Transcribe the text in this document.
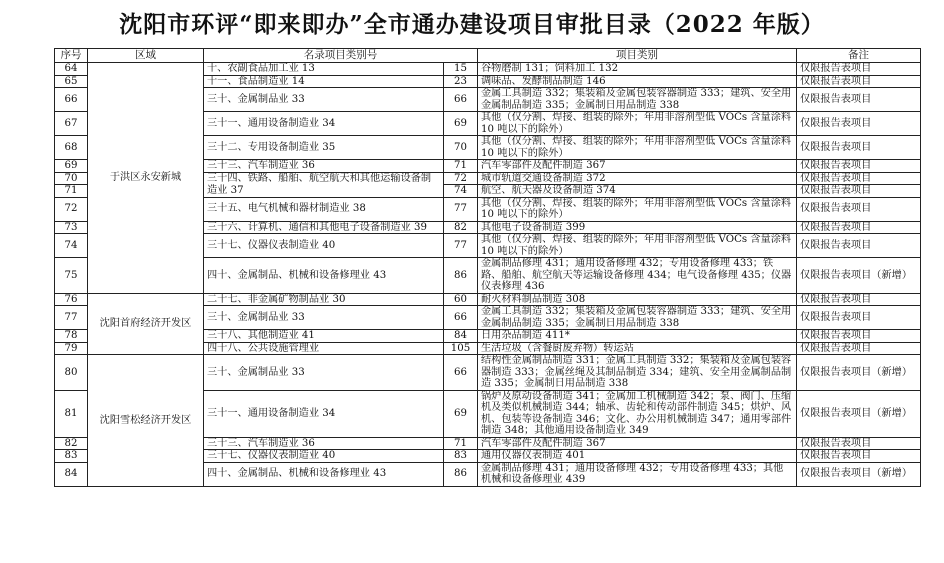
沈阳市环评“即来即办”全市通办建设项目审批目录（2022 年版）
序号	区域	名录项目类别号		项目类别	备注
64	于洪区永安新城	十、农副食品加工业 13	15	谷物磨制 131；饲料加工 132	仅限报告表项目
65		十一、食品制造业 14	23	调味品、发酵制品制造 146	仅限报告表项目
66		三十、金属制品业 33	66	金属工具制造 332；集装箱及金属包装容器制造 333；建筑、安全用金属制品制造 335；金属制日用品制造 338	仅限报告表项目
67		三十一、通用设备制造业 34	69	其他（仅分割、焊接、组装的除外；年用非溶剂型低 VOCs 含量涂料 10 吨以下的除外）	仅限报告表项目
68		三十二、专用设备制造业 35	70	其他（仅分割、焊接、组装的除外；年用非溶剂型低 VOCs 含量涂料 10 吨以下的除外）	仅限报告表项目
69		三十三、汽车制造业 36	71	汽车零部件及配件制造 367	仅限报告表项目
70		三十四、铁路、船舶、航空航天和其他运输设备制造业 37	72	城市轨道交通设备制造 372	仅限报告表项目
71			74	航空、航天器及设备制造 374	仅限报告表项目
72		三十五、电气机械和器材制造业 38	77	其他（仅分割、焊接、组装的除外；年用非溶剂型低 VOCs 含量涂料 10 吨以下的除外）	仅限报告表项目
73		三十六、计算机、通信和其他电子设备制造业 39	82	其他电子设备制造 399	仅限报告表项目
74		三十七、仪器仪表制造业 40	77	其他（仅分割、焊接、组装的除外；年用非溶剂型低 VOCs 含量涂料 10 吨以下的除外）	仅限报告表项目
75		四十、金属制品、机械和设备修理业 43	86	金属制品修理 431；通用设备修理 432；专用设备修理 433；铁路、船舶、航空航天等运输设备修理 434；电气设备修理 435；仪器仪表修理 436	仅限报告表项目（新增）
76	沈阳首府经济开发区	二十七、非金属矿物制品业 30	60	耐火材料制品制造 308	仅限报告表项目
77		三十、金属制品业 33	66	金属工具制造 332；集装箱及金属包装容器制造 333；建筑、安全用金属制品制造 335；金属制日用品制造 338	仅限报告表项目
78		三十八、其他制造业 41	84	日用杂品制造 411*	仅限报告表项目
79		四十八、公共设施管理业	105	生活垃圾（含餐厨废弃物）转运站	仅限报告表项目
80	沈阳雪松经济开发区	三十、金属制品业 33	66	结构性金属制品制造 331；金属工具制造 332；集装箱及金属包装容器制造 333；金属丝绳及其制品制造 334；建筑、安全用金属制品制造 335；金属制日用品制造 338	仅限报告表项目（新增）
81		三十一、通用设备制造业 34	69	锅炉及原动设备制造 341；金属加工机械制造 342；泵、阀门、压缩机及类似机械制造 344；轴承、齿轮和传动部件制造 345；烘炉、风机、包装等设备制造 346；文化、办公用机械制造 347；通用零部件制造 348；其他通用设备制造业 349	仅限报告表项目（新增）
82		三十三、汽车制造业 36	71	汽车零部件及配件制造 367	仅限报告表项目
83		三十七、仪器仪表制造业 40	83	通用仪器仪表制造 401	仅限报告表项目
84		四十、金属制品、机械和设备修理业 43	86	金属制品修理 431；通用设备修理 432；专用设备修理 433；其他机械和设备修理业 439	仅限报告表项目（新增）
